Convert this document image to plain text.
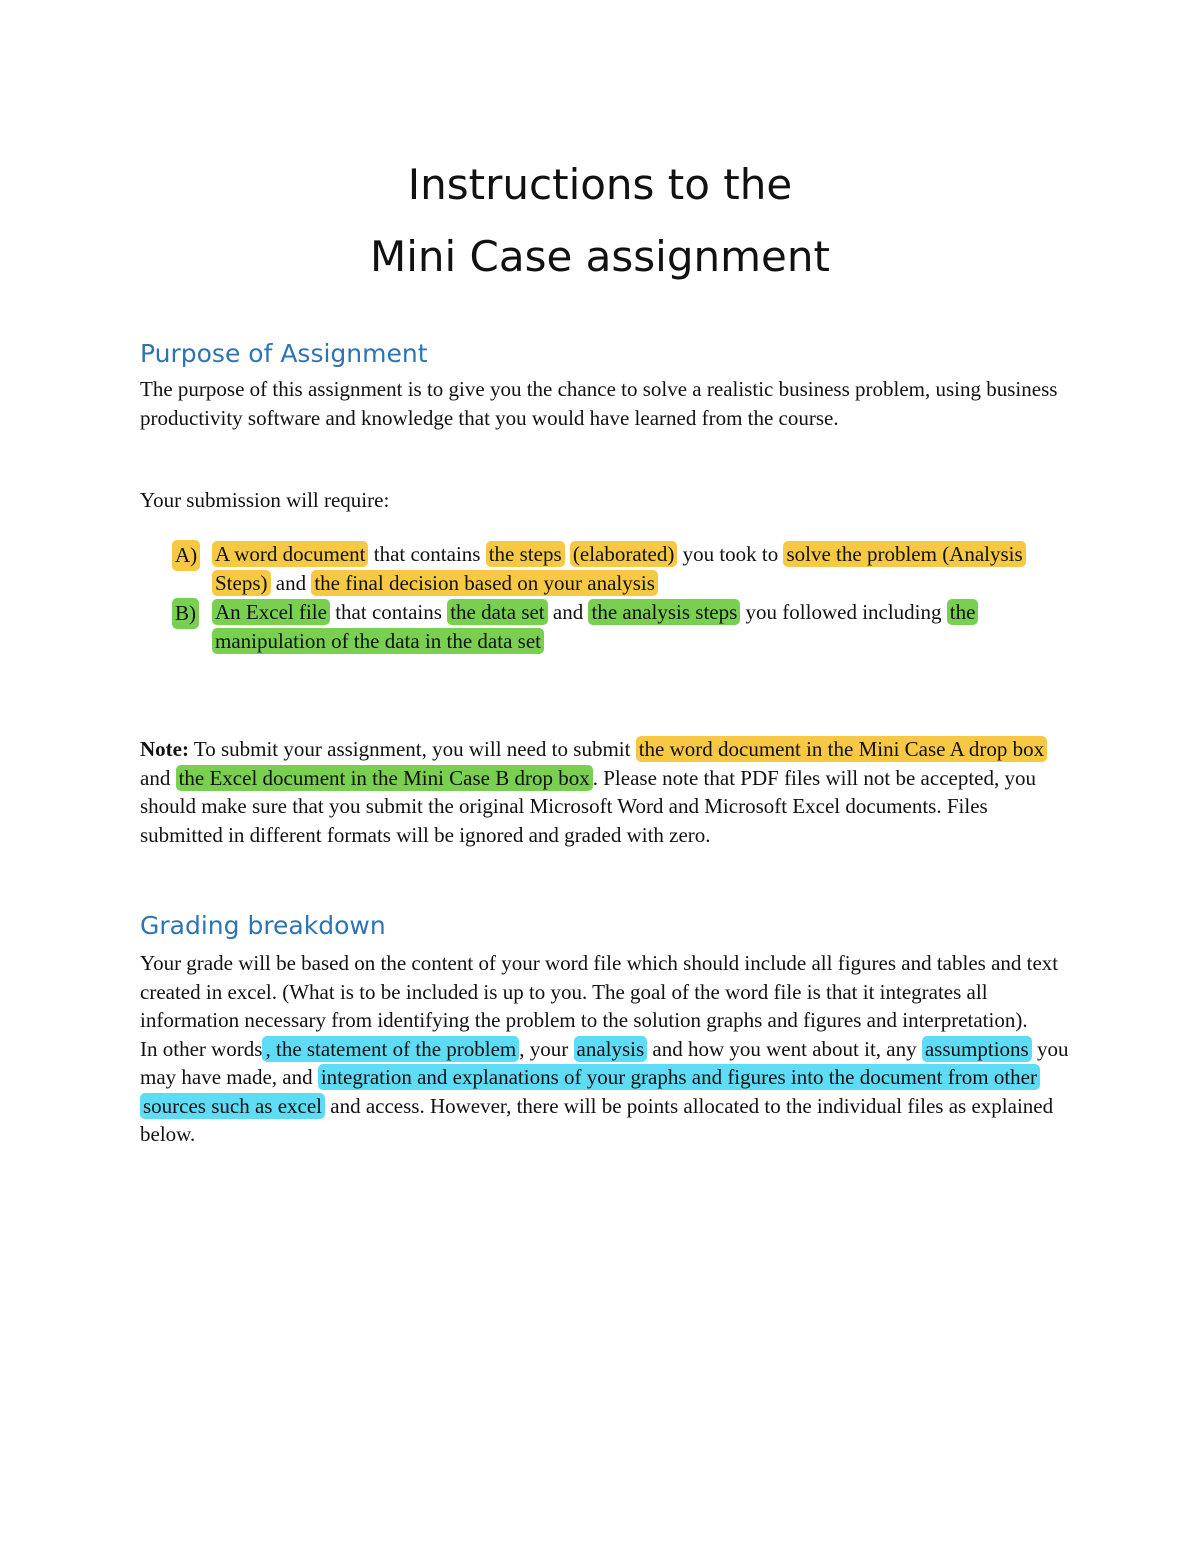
Instructions to the
Mini Case assignment
Purpose of Assignment

The purpose of this assignment is to give you the chance to solve a realistic business problem, using business productivity software and knowledge that you would have learned from the course.

Your submission will require:
A) A word document that contains the steps (elaborated) you took to solve the problem (Analysis Steps) and the final decision based on your analysis
B) An Excel file that contains the data set and the analysis steps you followed including the manipulation of the data in the data set

Note: To submit your assignment, you will need to submit the word document in the Mini Case A drop box and the Excel document in the Mini Case B drop box . Please note that PDF files will not be accepted, you should make sure that you submit the original Microsoft Word and Microsoft Excel documents. Files submitted in different formats will be ignored and graded with zero.

Grading breakdown

Your grade will be based on the content of your word file which should include all figures and tables and text created in excel. (What is to be included is up to you. The goal of the word file is that it integrates all information necessary from identifying the problem to the solution graphs and figures and interpretation).

In other words , the statement of the problem , your analysis and how you went about it, any assumptions you may have made, and integration and explanations of your graphs and figures into the document from other sources such as excel and access. However, there will be points allocated to the individual files as explained below.
